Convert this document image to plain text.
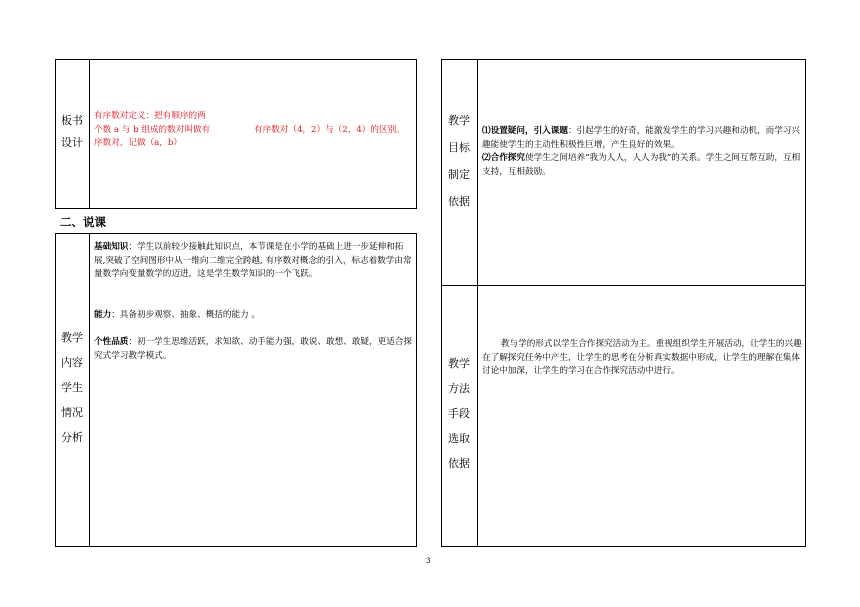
板书
设计
有序数对定义：把有顺序的两
个数 a 与 b 组成的数对叫做有	有序数对（4，2）与（2，4）的区别。
序数对，记做（a，b）
二、说课
教学
内容
学生
情况
分析
基础知识：学生以前较少接触此知识点，本节课是在小学的基础上进一步延伸和拓展,突破了空间图形中从一维向二维完全跨越, 有序数对概念的引入，标志着数学由常量数学向变量数学的迈进，这是学生数学知识的一个飞跃。
能力：具备初步观察、抽象、概括的能力 。
个性品质：初一学生思维活跃，求知欲、动手能力强，敢说、敢想、敢疑，更适合探究式学习教学模式。
教学
目标
制定
依据
⑴设置疑问，引入课题：引起学生的好奇，能激发学生的学习兴趣和动机，而学习兴趣能使学生的主动性积极性巨增，产生良好的效果。
⑵合作探究使学生之间培养“我为人人，人人为我”的关系。学生之间互帮互助，互相支持，互相鼓励。
教学
方法
手段
选取
依据
教与学的形式以学生合作探究活动为主。重视组织学生开展活动，让学生的兴趣在了解探究任务中产生，让学生的思考在分析真实数据中形成，让学生的理解在集体讨论中加深，让学生的学习在合作探究活动中进行。
3
